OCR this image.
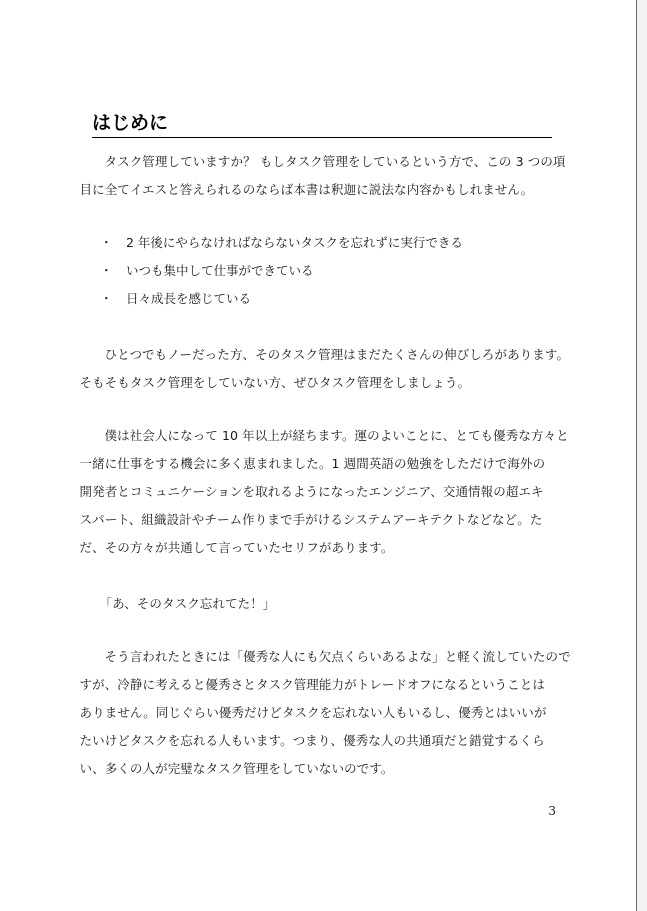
はじめに

タスク管理していますか？ もしタスク管理をしているという方で、この 3 つの項
目に全てイエスと答えられるのならば本書は釈迦に説法な内容かもしれません。

・	2 年後にやらなければならないタスクを忘れずに実行できる
・	いつも集中して仕事ができている
・	日々成長を感じている

ひとつでもノーだった方、そのタスク管理はまだたくさんの伸びしろがあります。
そもそもタスク管理をしていない方、ぜひタスク管理をしましょう。

僕は社会人になって 10 年以上が経ちます。運のよいことに、とても優秀な方々と
一緒に仕事をする機会に多く恵まれました。1 週間英語の勉強をしただけで海外の
開発者とコミュニケーションを取れるようになったエンジニア、交通情報の超エキ
スパート、組織設計やチーム作りまで手がけるシステムアーキテクトなどなど。た
だ、その方々が共通して言っていたセリフがあります。

「あ、そのタスク忘れてた！」

そう言われたときには「優秀な人にも欠点くらいあるよな」と軽く流していたので
すが、冷静に考えると優秀さとタスク管理能力がトレードオフになるということは
ありません。同じぐらい優秀だけどタスクを忘れない人もいるし、優秀とはいいが
たいけどタスクを忘れる人もいます。つまり、優秀な人の共通項だと錯覚するくら
い、多くの人が完璧なタスク管理をしていないのです。

3
